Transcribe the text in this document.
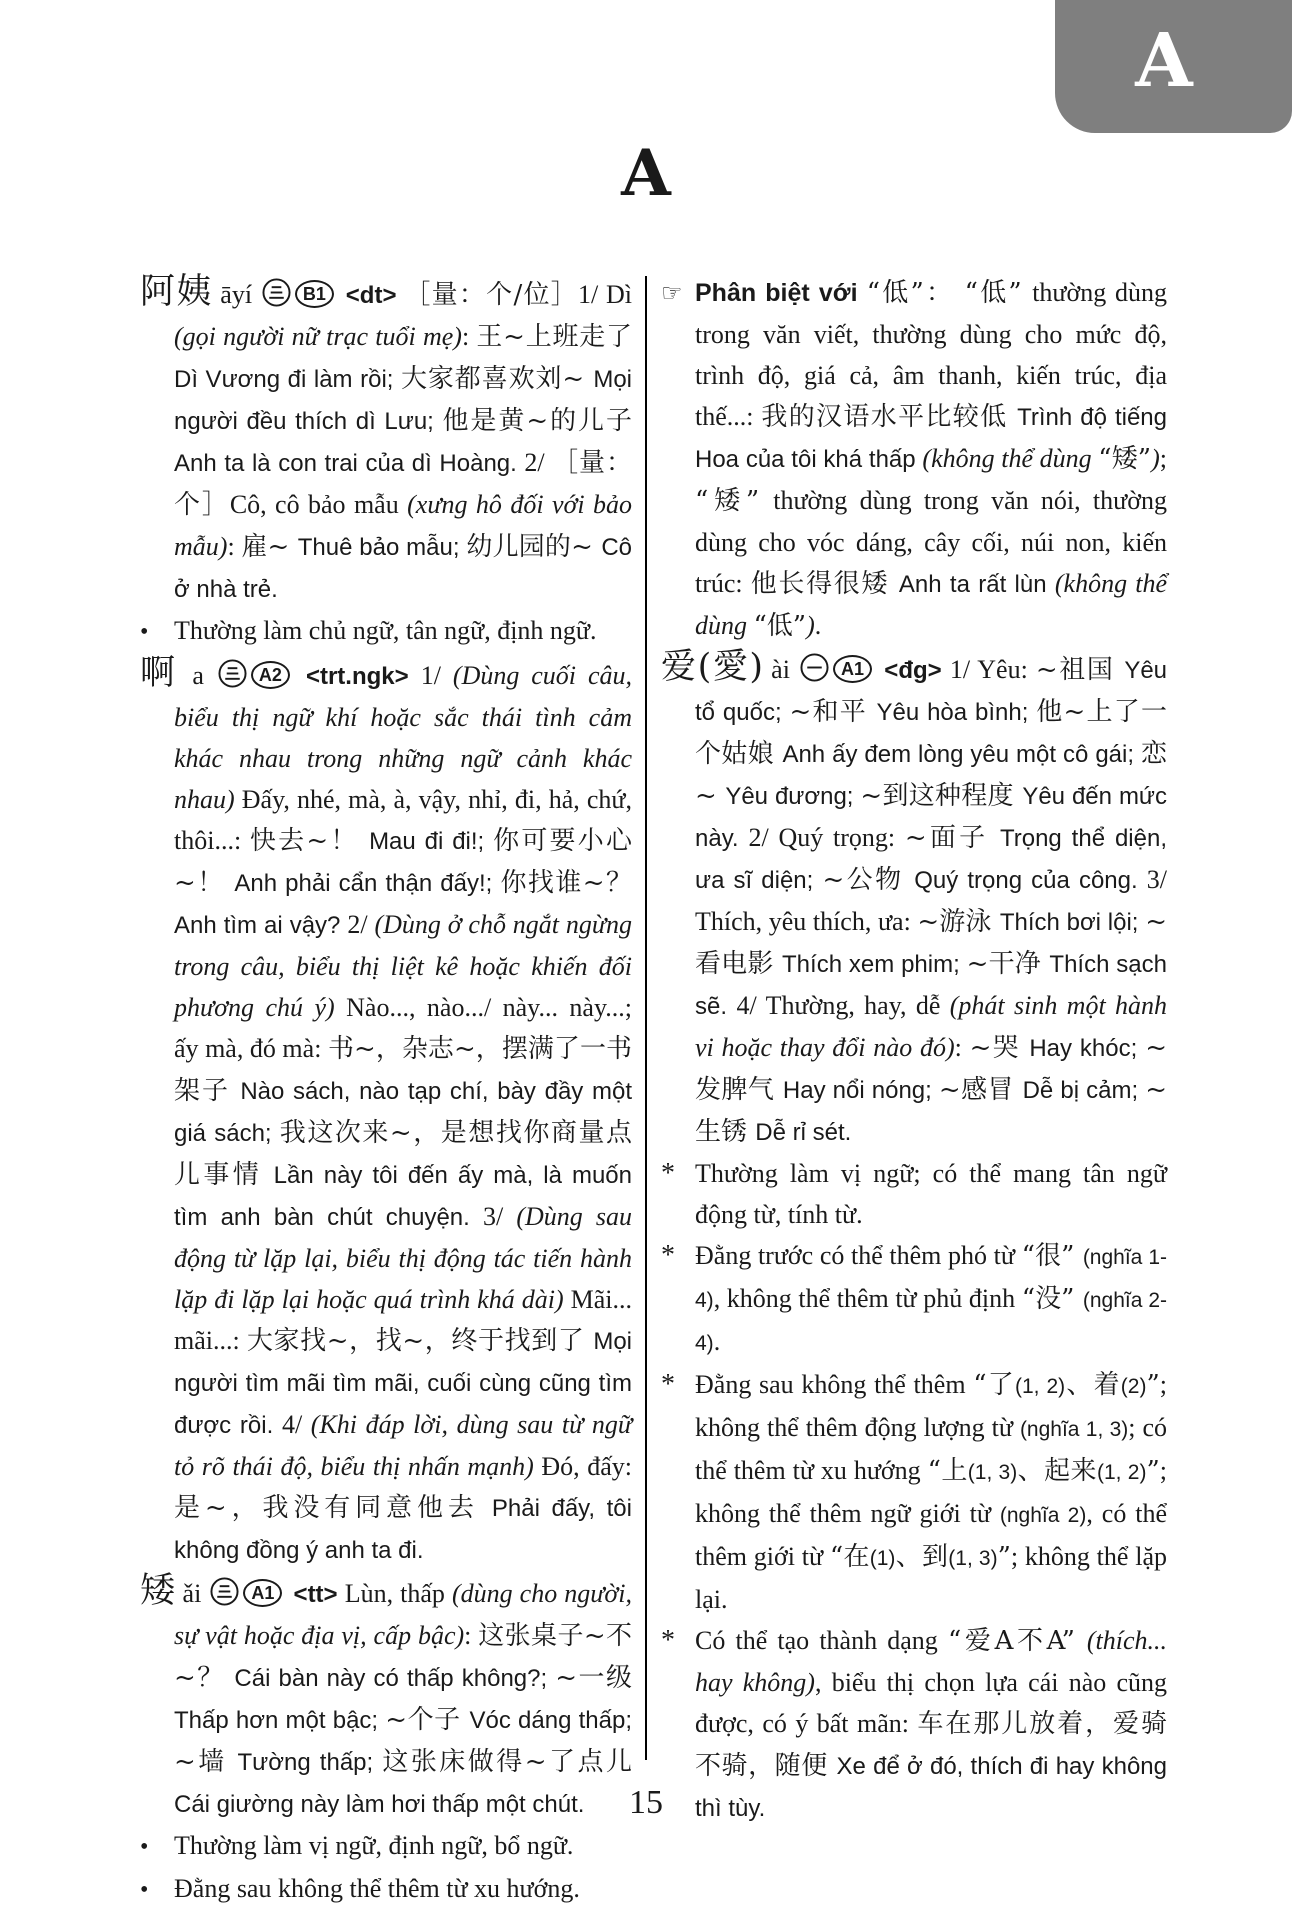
A
A
阿姨 āyí B1 <dt> ［量：个/位］1/ Dì (gọi người nữ trạc tuổi mẹ): 王~上班走了 Dì Vương đi làm rồi; 大家都喜欢刘~ Mọi người đều thích dì Lưu; 他是黄~的儿子 Anh ta là con trai của dì Hoàng. 2/ ［量：个］Cô, cô bảo mẫu (xưng hô đối với bảo mẫu): 雇~ Thuê bảo mẫu; 幼儿园的~ Cô ở nhà trẻ.
• Thường làm chủ ngữ, tân ngữ, định ngữ.
啊 a A2 <trt.ngk> 1/ (Dùng cuối câu, biểu thị ngữ khí hoặc sắc thái tình cảm khác nhau trong những ngữ cảnh khác nhau) Đấy, nhé, mà, à, vậy, nhỉ, đi, hả, chứ, thôi...: 快去~！ Mau đi đi!; 你可要小心~！ Anh phải cẩn thận đấy!; 你找谁~？ Anh tìm ai vậy? 2/ (Dùng ở chỗ ngắt ngừng trong câu, biểu thị liệt kê hoặc khiến đối phương chú ý) Nào..., nào.../ này... này...; ấy mà, đó mà: 书~，杂志~，摆满了一书架子 Nào sách, nào tạp chí, bày đầy một giá sách; 我这次来~，是想找你商量点儿事情 Lần này tôi đến ấy mà, là muốn tìm anh bàn chút chuyện. 3/ (Dùng sau động từ lặp lại, biểu thị động tác tiến hành lặp đi lặp lại hoặc quá trình khá dài) Mãi... mãi...: 大家找~，找~，终于找到了 Mọi người tìm mãi tìm mãi, cuối cùng cũng tìm được rồi. 4/ (Khi đáp lời, dùng sau từ ngữ tỏ rõ thái độ, biểu thị nhấn mạnh) Đó, đấy: 是~，我没有同意他去 Phải đấy, tôi không đồng ý anh ta đi.
矮 ǎi A1 <tt> Lùn, thấp (dùng cho người, sự vật hoặc địa vị, cấp bậc): 这张桌子~不~？ Cái bàn này có thấp không?; ~一级 Thấp hơn một bậc; ~个子 Vóc dáng thấp; ~墙 Tường thấp; 这张床做得~了点儿 Cái giường này làm hơi thấp một chút.
• Thường làm vị ngữ, định ngữ, bổ ngữ.
• Đằng sau không thể thêm từ xu hướng.
☞ Phân biệt với “低”： “低” thường dùng trong văn viết, thường dùng cho mức độ, trình độ, giá cả, âm thanh, kiến trúc, địa thế...: 我的汉语水平比较低 Trình độ tiếng Hoa của tôi khá thấp (không thể dùng “矮”); “矮” thường dùng trong văn nói, thường dùng cho vóc dáng, cây cối, núi non, kiến trúc: 他长得很矮 Anh ta rất lùn (không thể dùng “低”).
爱(愛) ài A1 <đg> 1/ Yêu: ~祖国 Yêu tổ quốc; ~和平 Yêu hòa bình; 他~上了一个姑娘 Anh ấy đem lòng yêu một cô gái; 恋~ Yêu đương; ~到这种程度 Yêu đến mức này. 2/ Quý trọng: ~面子 Trọng thể diện, ưa sĩ diện; ~公物 Quý trọng của công. 3/ Thích, yêu thích, ưa: ~游泳 Thích bơi lội; ~看电影 Thích xem phim; ~干净 Thích sạch sẽ. 4/ Thường, hay, dễ (phát sinh một hành vi hoặc thay đổi nào đó): ~哭 Hay khóc; ~发脾气 Hay nổi nóng; ~感冒 Dễ bị cảm; ~生锈 Dễ rỉ sét.
* Thường làm vị ngữ; có thể mang tân ngữ động từ, tính từ.
* Đằng trước có thể thêm phó từ “很” (nghĩa 1-4), không thể thêm từ phủ định “没” (nghĩa 2-4).
* Đằng sau không thể thêm “了(1, 2)、着(2)”; không thể thêm động lượng từ (nghĩa 1, 3); có thể thêm từ xu hướng “上(1, 3)、起来(1, 2)”; không thể thêm ngữ giới từ (nghĩa 2), có thể thêm giới từ “在(1)、到(1, 3)”; không thể lặp lại.
* Có thể tạo thành dạng “爱A不A” (thích... hay không), biểu thị chọn lựa cái nào cũng được, có ý bất mãn: 车在那儿放着，爱骑不骑，随便 Xe để ở đó, thích đi hay không thì tùy.
15
